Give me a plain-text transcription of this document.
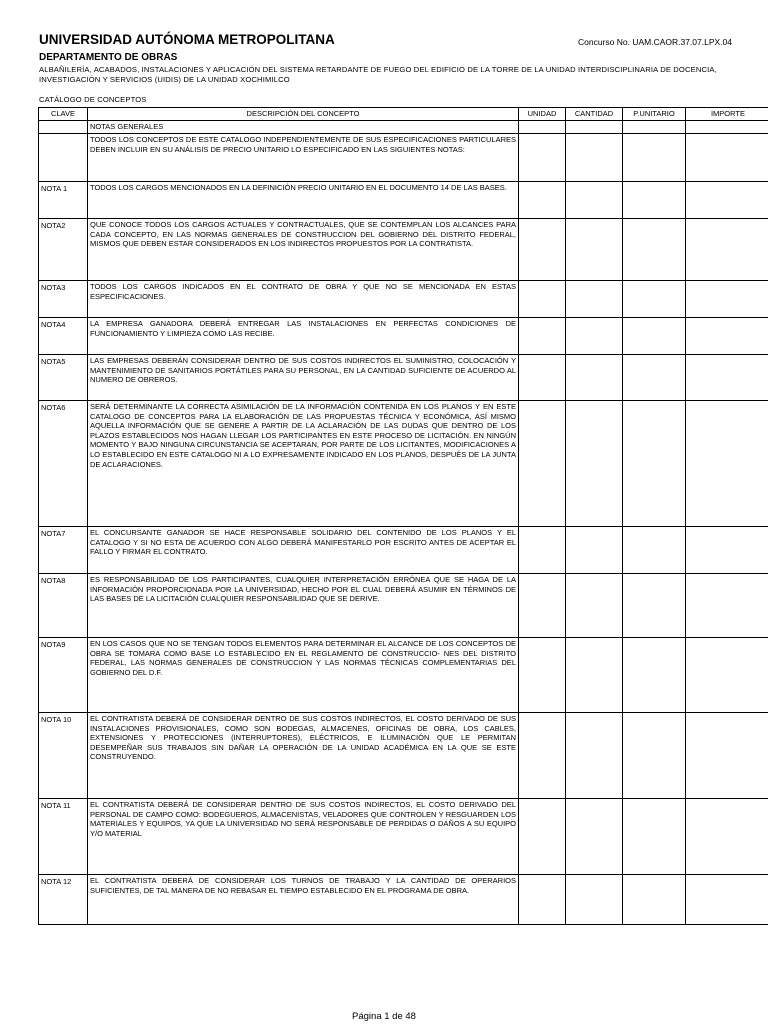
UNIVERSIDAD AUTÓNOMA METROPOLITANA	Concurso No. UAM.CAOR.37.07.LPX.04
DEPARTAMENTO DE OBRAS
ALBAÑILERÍA, ACABADOS, INSTALACIONES Y APLICACIÓN DEL SISTEMA RETARDANTE DE FUEGO DEL EDIFICIO DE LA TORRE DE LA UNIDAD INTERDISCIPLINARIA DE DOCENCIA, INVESTIGACIÓN Y SERVICIOS (UIDIS) DE LA UNIDAD XOCHIMILCO
CATÁLOGO DE CONCEPTOS
CLAVE	DESCRIPCIÓN DEL CONCEPTO	UNIDAD	CANTIDAD	P.UNITARIO	IMPORTE
	NOTAS GENERALES				
	TODOS LOS CONCEPTOS DE ESTE CATALOGO INDEPENDIENTEMENTE DE SUS ESPECIFICACIONES PARTICULARES DEBEN INCLUIR EN SU ANÁLISIS DE PRECIO UNITARIO LO ESPECIFICADO EN LAS SIGUIENTES NOTAS:				
NOTA 1	TODOS LOS CARGOS MENCIONADOS EN LA DEFINICIÓN PRECIO UNITARIO EN EL DOCUMENTO 14 DE LAS BASES.				
NOTA2	QUE CONOCE TODOS LOS CARGOS ACTUALES Y CONTRACTUALES, QUE SE CONTEMPLAN LOS ALCANCES PARA CADA CONCEPTO, EN LAS NORMAS GENERALES DE CONSTRUCCION DEL GOBIERNO DEL DISTRITO FEDERAL, MISMOS QUE DEBEN ESTAR CONSIDERADOS EN LOS INDIRECTOS PROPUESTOS POR LA CONTRATISTA.				
NOTA3	TODOS LOS CARGOS INDICADOS EN EL CONTRATO DE OBRA Y QUE NO SE MENCIONADA EN ESTAS ESPECIFICACIONES.				
NOTA4	LA EMPRESA GANADORA DEBERÁ ENTREGAR LAS INSTALACIONES EN PERFECTAS CONDICIONES DE FUNCIONAMIENTO Y LIMPIEZA COMO LAS RECIBE.				
NOTA5	LAS EMPRESAS DEBERÁN CONSIDERAR DENTRO DE SUS COSTOS INDIRECTOS EL SUMINISTRO, COLOCACIÓN Y MANTENIMIENTO DE SANITARIOS PORTÁTILES PARA SU PERSONAL, EN LA CANTIDAD SUFICIENTE DE ACUERDO AL NUMERO DE OBREROS.				
NOTA6	SERÁ DETERMINANTE LA CORRECTA ASIMILACIÓN DE LA INFORMACIÓN CONTENIDA EN LOS PLANOS Y EN ESTE CATALOGO DE CONCEPTOS PARA LA ELABORACIÓN DE LAS PROPUESTAS TÉCNICA Y ECONÓMICA, ASÍ MISMO AQUELLA INFORMACIÓN QUE SE GENERE A PARTIR DE LA ACLARACIÓN DE LAS DUDAS QUE DENTRO DE LOS PLAZOS ESTABLECIDOS NOS HAGAN LLEGAR LOS PARTICIPANTES EN ESTE PROCESO DE LICITACIÓN. EN NINGÚN MOMENTO Y BAJO NINGUNA CIRCUNSTANCIA SE ACEPTARAN, POR PARTE DE LOS LICITANTES, MODIFICACIONES A LO ESTABLECIDO EN ESTE CATALOGO NI A LO EXPRESAMENTE INDICADO EN LOS PLANOS, DESPUÉS DE LA JUNTA DE ACLARACIONES.				
NOTA7	EL CONCURSANTE GANADOR SE HACE RESPONSABLE SOLIDARIO DEL CONTENIDO DE LOS PLANOS Y EL CATALOGO Y SI NO ESTA DE ACUERDO CON ALGO DEBERÁ MANIFESTARLO POR ESCRITO ANTES DE ACEPTAR EL FALLO Y FIRMAR EL CONTRATO.				
NOTA8	ES RESPONSABILIDAD DE LOS PARTICIPANTES, CUALQUIER INTERPRETACIÓN ERRÓNEA QUE SE HAGA DE LA INFORMACIÓN PROPORCIONADA POR LA UNIVERSIDAD, HECHO POR EL CUAL DEBERÁ ASUMIR EN TÉRMINOS DE LAS BASES DE LA LICITACIÓN CUALQUIER RESPONSABILIDAD QUE SE DERIVE.				
NOTA9	EN LOS CASOS QUE NO SE TENGAN TODOS ELEMENTOS PARA DETERMINAR EL ALCANCE DE LOS CONCEPTOS DE OBRA SE TOMARA COMO BASE LO ESTABLECIDO EN EL REGLAMENTO DE CONSTRUCCIO- NES DEL DISTRITO FEDERAL, LAS NORMAS GENERALES DE CONSTRUCCION Y LAS NORMAS TÉCNICAS COMPLEMENTARIAS DEL GOBIERNO DEL D.F.				
NOTA 10	EL CONTRATISTA DEBERÁ DE CONSIDERAR DENTRO DE SUS COSTOS INDIRECTOS, EL COSTO DERIVADO DE SUS INSTALACIONES PROVISIONALES, COMO SON BODEGAS, ALMACENES, OFICINAS DE OBRA, LOS CABLES, EXTENSIONES Y PROTECCIONES (INTERRUPTORES), ELÉCTRICOS, E ILUMINACIÓN QUE LE PERMITAN DESEMPEÑAR SUS TRABAJOS SIN DAÑAR LA OPERACIÓN DE LA UNIDAD ACADÉMICA EN LA QUE SE ESTE CONSTRUYENDO.				
NOTA 11	EL CONTRATISTA DEBERÁ DE CONSIDERAR DENTRO DE SUS COSTOS INDIRECTOS, EL COSTO DERIVADO DEL PERSONAL DE CAMPO COMO: BODEGUEROS, ALMACENISTAS, VELADORES QUE CONTROLEN Y RESGUARDEN LOS MATERIALES Y EQUIPOS, YA QUE LA UNIVERSIDAD NO SERÁ RESPONSABLE DE PERDIDAS O DAÑOS A SU EQUIPO Y/O MATERIAL				
NOTA 12	EL CONTRATISTA DEBERÁ DE CONSIDERAR LOS TURNOS DE TRABAJO Y LA CANTIDAD DE OPERARIOS SUFICIENTES, DE TAL MANERA DE NO REBASAR EL TIEMPO ESTABLECIDO EN EL PROGRAMA DE OBRA.				
Página 1 de 48
